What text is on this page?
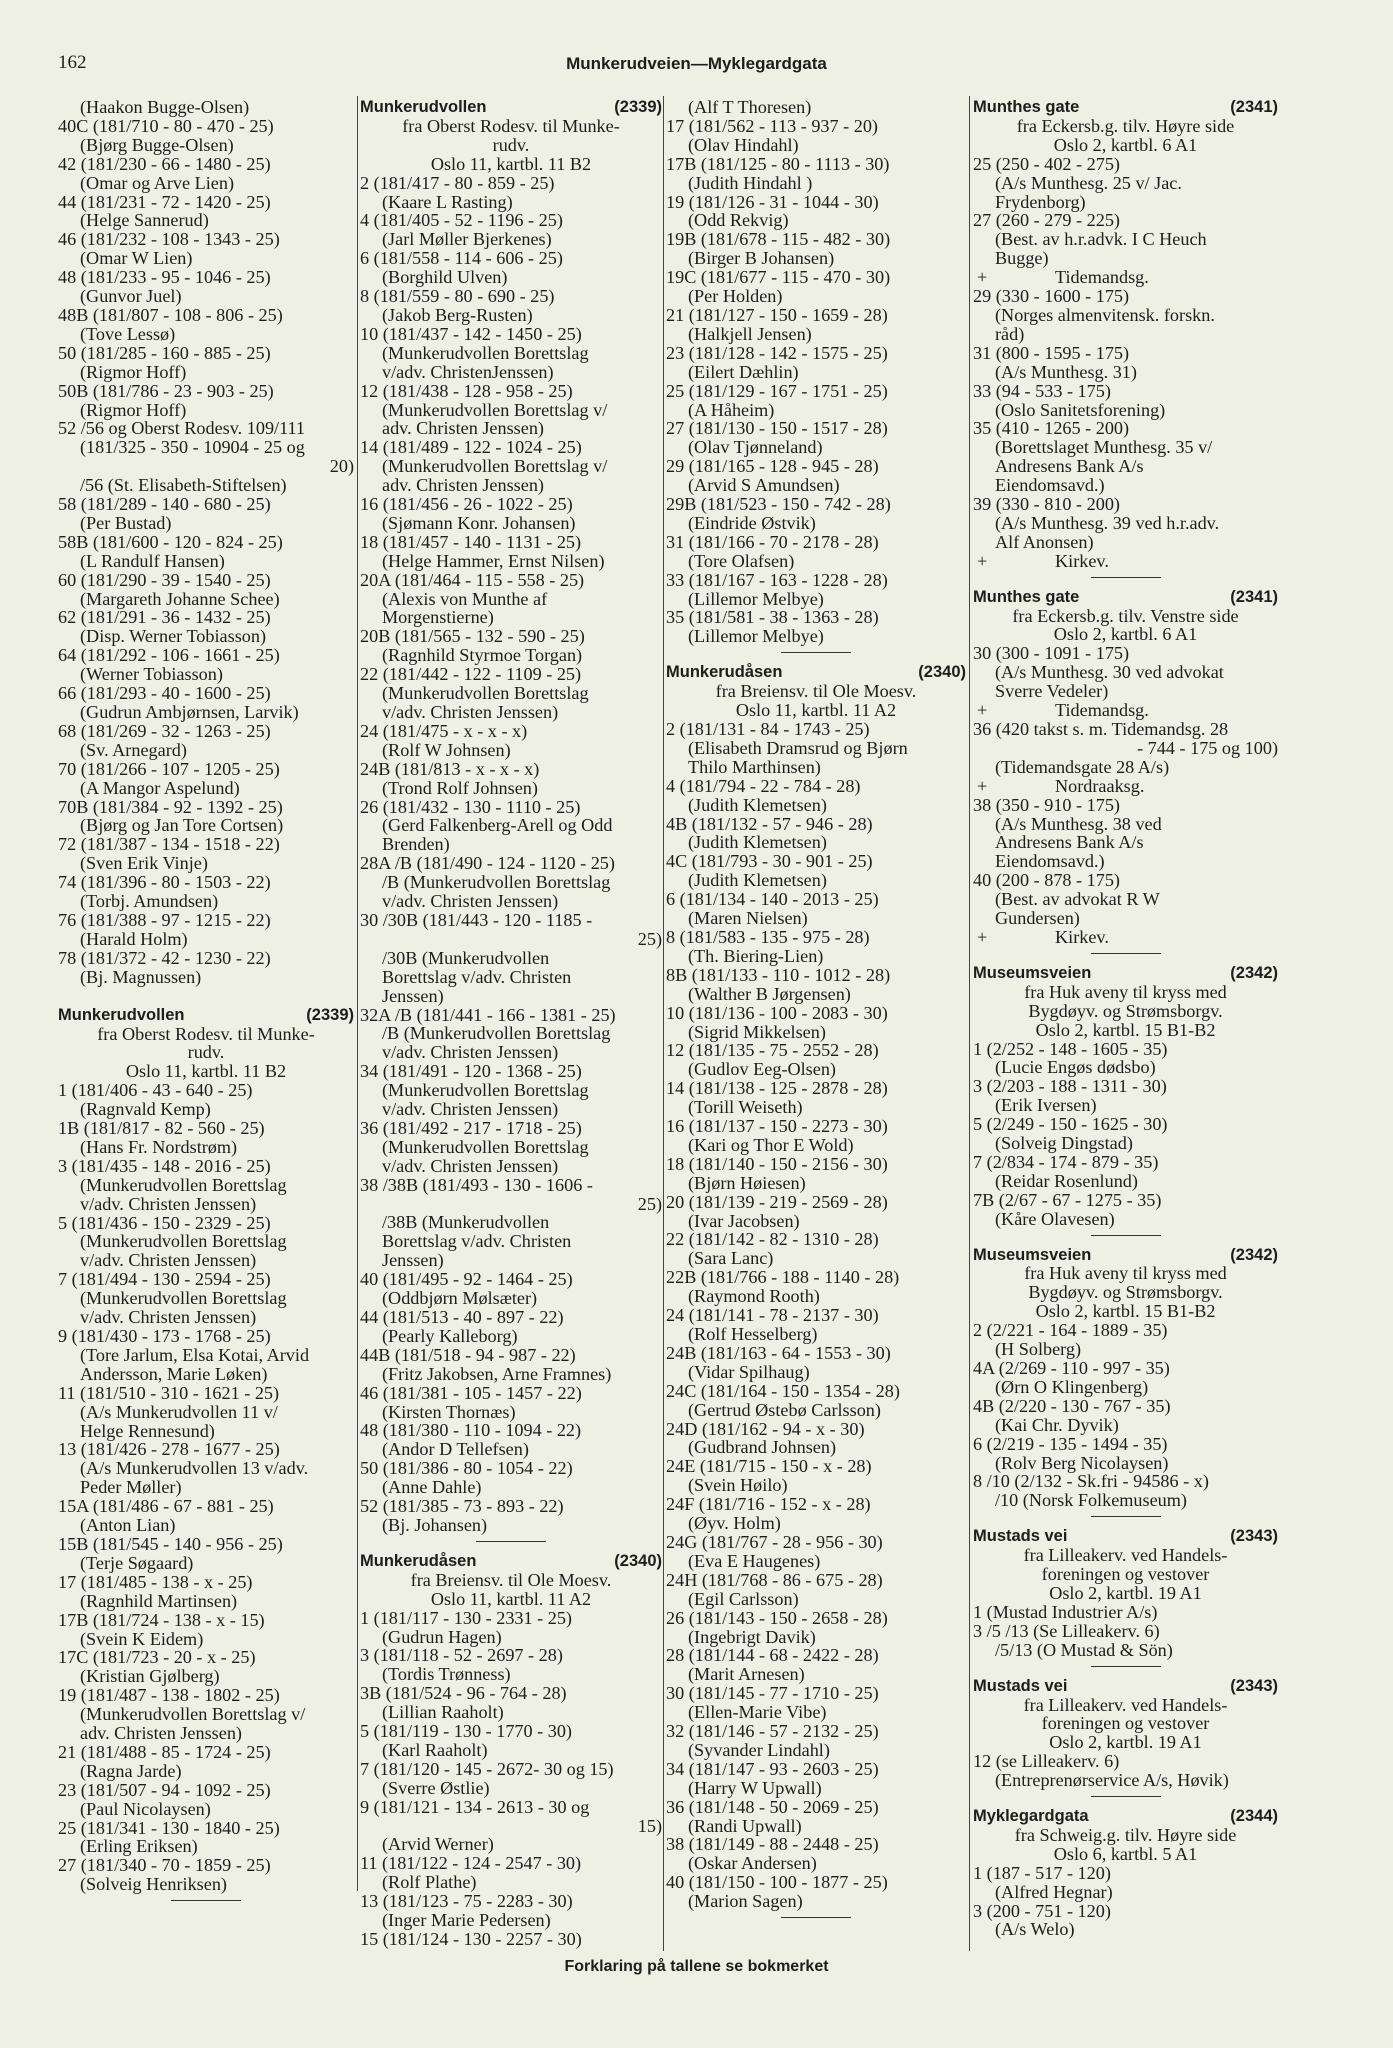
162	Munkerudveien—Myklegardgata
(Haakon Bugge-Olsen)
40C (181/710 - 80 - 470 - 25)
(Bjørg Bugge-Olsen)
42 (181/230 - 66 - 1480 - 25)
(Omar og Arve Lien)
44 (181/231 - 72 - 1420 - 25)
(Helge Sannerud)
46 (181/232 - 108 - 1343 - 25)
(Omar W Lien)
48 (181/233 - 95 - 1046 - 25)
(Gunvor Juel)
48B (181/807 - 108 - 806 - 25)
(Tove Lessø)
50 (181/285 - 160 - 885 - 25)
(Rigmor Hoff)
50B (181/786 - 23 - 903 - 25)
(Rigmor Hoff)
52 /56 og Oberst Rodesv. 109/111
(181/325 - 350 - 10904 - 25 og
20)
/56 (St. Elisabeth-Stiftelsen)
58 (181/289 - 140 - 680 - 25)
(Per Bustad)
58B (181/600 - 120 - 824 - 25)
(L Randulf Hansen)
60 (181/290 - 39 - 1540 - 25)
(Margareth Johanne Schee)
62 (181/291 - 36 - 1432 - 25)
(Disp. Werner Tobiasson)
64 (181/292 - 106 - 1661 - 25)
(Werner Tobiasson)
66 (181/293 - 40 - 1600 - 25)
(Gudrun Ambjørnsen, Larvik)
68 (181/269 - 32 - 1263 - 25)
(Sv. Arnegard)
70 (181/266 - 107 - 1205 - 25)
(A Mangor Aspelund)
70B (181/384 - 92 - 1392 - 25)
(Bjørg og Jan Tore Cortsen)
72 (181/387 - 134 - 1518 - 22)
(Sven Erik Vinje)
74 (181/396 - 80 - 1503 - 22)
(Torbj. Amundsen)
76 (181/388 - 97 - 1215 - 22)
(Harald Holm)
78 (181/372 - 42 - 1230 - 22)
(Bj. Magnussen)
Munkerudvollen	(2339)
fra Oberst Rodesv. til Munke-
rudv.
Oslo 11, kartbl. 11 B2
1 (181/406 - 43 - 640 - 25)
(Ragnvald Kemp)
1B (181/817 - 82 - 560 - 25)
(Hans Fr. Nordstrøm)
3 (181/435 - 148 - 2016 - 25)
(Munkerudvollen Borettslag
v/adv. Christen Jenssen)
5 (181/436 - 150 - 2329 - 25)
(Munkerudvollen Borettslag
v/adv. Christen Jenssen)
7 (181/494 - 130 - 2594 - 25)
(Munkerudvollen Borettslag
v/adv. Christen Jenssen)
9 (181/430 - 173 - 1768 - 25)
(Tore Jarlum, Elsa Kotai, Arvid
Andersson, Marie Løken)
11 (181/510 - 310 - 1621 - 25)
(A/s Munkerudvollen 11 v/
Helge Rennesund)
13 (181/426 - 278 - 1677 - 25)
(A/s Munkerudvollen 13 v/adv.
Peder Møller)
15A (181/486 - 67 - 881 - 25)
(Anton Lian)
15B (181/545 - 140 - 956 - 25)
(Terje Søgaard)
17 (181/485 - 138 - x - 25)
(Ragnhild Martinsen)
17B (181/724 - 138 - x - 15)
(Svein K Eidem)
17C (181/723 - 20 - x - 25)
(Kristian Gjølberg)
19 (181/487 - 138 - 1802 - 25)
(Munkerudvollen Borettslag v/
adv. Christen Jenssen)
21 (181/488 - 85 - 1724 - 25)
(Ragna Jarde)
23 (181/507 - 94 - 1092 - 25)
(Paul Nicolaysen)
25 (181/341 - 130 - 1840 - 25)
(Erling Eriksen)
27 (181/340 - 70 - 1859 - 25)
(Solveig Henriksen)
Munkerudvollen	(2339)
fra Oberst Rodesv. til Munke-
rudv.
Oslo 11, kartbl. 11 B2
2 (181/417 - 80 - 859 - 25)
(Kaare L Rasting)
4 (181/405 - 52 - 1196 - 25)
(Jarl Møller Bjerkenes)
6 (181/558 - 114 - 606 - 25)
(Borghild Ulven)
8 (181/559 - 80 - 690 - 25)
(Jakob Berg-Rusten)
10 (181/437 - 142 - 1450 - 25)
(Munkerudvollen Borettslag
v/adv. ChristenJenssen)
12 (181/438 - 128 - 958 - 25)
(Munkerudvollen Borettslag v/
adv. Christen Jenssen)
14 (181/489 - 122 - 1024 - 25)
(Munkerudvollen Borettslag v/
adv. Christen Jenssen)
16 (181/456 - 26 - 1022 - 25)
(Sjømann Konr. Johansen)
18 (181/457 - 140 - 1131 - 25)
(Helge Hammer, Ernst Nilsen)
20A (181/464 - 115 - 558 - 25)
(Alexis von Munthe af
Morgenstierne)
20B (181/565 - 132 - 590 - 25)
(Ragnhild Styrmoe Torgan)
22 (181/442 - 122 - 1109 - 25)
(Munkerudvollen Borettslag
v/adv. Christen Jenssen)
24 (181/475 - x - x - x)
(Rolf W Johnsen)
24B (181/813 - x - x - x)
(Trond Rolf Johnsen)
26 (181/432 - 130 - 1110 - 25)
(Gerd Falkenberg-Arell og Odd
Brenden)
28A /B (181/490 - 124 - 1120 - 25)
/B (Munkerudvollen Borettslag
v/adv. Christen Jenssen)
30 /30B (181/443 - 120 - 1185 -
25)
/30B (Munkerudvollen
Borettslag v/adv. Christen
Jenssen)
32A /B (181/441 - 166 - 1381 - 25)
/B (Munkerudvollen Borettslag
v/adv. Christen Jenssen)
34 (181/491 - 120 - 1368 - 25)
(Munkerudvollen Borettslag
v/adv. Christen Jenssen)
36 (181/492 - 217 - 1718 - 25)
(Munkerudvollen Borettslag
v/adv. Christen Jenssen)
38 /38B (181/493 - 130 - 1606 -
25)
/38B (Munkerudvollen
Borettslag v/adv. Christen
Jenssen)
40 (181/495 - 92 - 1464 - 25)
(Oddbjørn Mølsæter)
44 (181/513 - 40 - 897 - 22)
(Pearly Kalleborg)
44B (181/518 - 94 - 987 - 22)
(Fritz Jakobsen, Arne Framnes)
46 (181/381 - 105 - 1457 - 22)
(Kirsten Thornæs)
48 (181/380 - 110 - 1094 - 22)
(Andor D Tellefsen)
50 (181/386 - 80 - 1054 - 22)
(Anne Dahle)
52 (181/385 - 73 - 893 - 22)
(Bj. Johansen)
Munkerudåsen	(2340)
fra Breiensv. til Ole Moesv.
Oslo 11, kartbl. 11 A2
1 (181/117 - 130 - 2331 - 25)
(Gudrun Hagen)
3 (181/118 - 52 - 2697 - 28)
(Tordis Trønness)
3B (181/524 - 96 - 764 - 28)
(Lillian Raaholt)
5 (181/119 - 130 - 1770 - 30)
(Karl Raaholt)
7 (181/120 - 145 - 2672- 30 og 15)
(Sverre Østlie)
9 (181/121 - 134 - 2613 - 30 og
15)
(Arvid Werner)
11 (181/122 - 124 - 2547 - 30)
(Rolf Plathe)
13 (181/123 - 75 - 2283 - 30)
(Inger Marie Pedersen)
15 (181/124 - 130 - 2257 - 30)
(Alf T Thoresen)
17 (181/562 - 113 - 937 - 20)
(Olav Hindahl)
17B (181/125 - 80 - 1113 - 30)
(Judith Hindahl )
19 (181/126 - 31 - 1044 - 30)
(Odd Rekvig)
19B (181/678 - 115 - 482 - 30)
(Birger B Johansen)
19C (181/677 - 115 - 470 - 30)
(Per Holden)
21 (181/127 - 150 - 1659 - 28)
(Halkjell Jensen)
23 (181/128 - 142 - 1575 - 25)
(Eilert Dæhlin)
25 (181/129 - 167 - 1751 - 25)
(A Håheim)
27 (181/130 - 150 - 1517 - 28)
(Olav Tjønneland)
29 (181/165 - 128 - 945 - 28)
(Arvid S Amundsen)
29B (181/523 - 150 - 742 - 28)
(Eindride Østvik)
31 (181/166 - 70 - 2178 - 28)
(Tore Olafsen)
33 (181/167 - 163 - 1228 - 28)
(Lillemor Melbye)
35 (181/581 - 38 - 1363 - 28)
(Lillemor Melbye)
Munkerudåsen	(2340)
fra Breiensv. til Ole Moesv.
Oslo 11, kartbl. 11 A2
2 (181/131 - 84 - 1743 - 25)
(Elisabeth Dramsrud og Bjørn
Thilo Marthinsen)
4 (181/794 - 22 - 784 - 28)
(Judith Klemetsen)
4B (181/132 - 57 - 946 - 28)
(Judith Klemetsen)
4C (181/793 - 30 - 901 - 25)
(Judith Klemetsen)
6 (181/134 - 140 - 2013 - 25)
(Maren Nielsen)
8 (181/583 - 135 - 975 - 28)
(Th. Biering-Lien)
8B (181/133 - 110 - 1012 - 28)
(Walther B Jørgensen)
10 (181/136 - 100 - 2083 - 30)
(Sigrid Mikkelsen)
12 (181/135 - 75 - 2552 - 28)
(Gudlov Eeg-Olsen)
14 (181/138 - 125 - 2878 - 28)
(Torill Weiseth)
16 (181/137 - 150 - 2273 - 30)
(Kari og Thor E Wold)
18 (181/140 - 150 - 2156 - 30)
(Bjørn Høiesen)
20 (181/139 - 219 - 2569 - 28)
(Ivar Jacobsen)
22 (181/142 - 82 - 1310 - 28)
(Sara Lanc)
22B (181/766 - 188 - 1140 - 28)
(Raymond Rooth)
24 (181/141 - 78 - 2137 - 30)
(Rolf Hesselberg)
24B (181/163 - 64 - 1553 - 30)
(Vidar Spilhaug)
24C (181/164 - 150 - 1354 - 28)
(Gertrud Østebø Carlsson)
24D (181/162 - 94 - x - 30)
(Gudbrand Johnsen)
24E (181/715 - 150 - x - 28)
(Svein Høilo)
24F (181/716 - 152 - x - 28)
(Øyv. Holm)
24G (181/767 - 28 - 956 - 30)
(Eva E Haugenes)
24H (181/768 - 86 - 675 - 28)
(Egil Carlsson)
26 (181/143 - 150 - 2658 - 28)
(Ingebrigt Davik)
28 (181/144 - 68 - 2422 - 28)
(Marit Arnesen)
30 (181/145 - 77 - 1710 - 25)
(Ellen-Marie Vibe)
32 (181/146 - 57 - 2132 - 25)
(Syvander Lindahl)
34 (181/147 - 93 - 2603 - 25)
(Harry W Upwall)
36 (181/148 - 50 - 2069 - 25)
(Randi Upwall)
38 (181/149 - 88 - 2448 - 25)
(Oskar Andersen)
40 (181/150 - 100 - 1877 - 25)
(Marion Sagen)
Munthes gate	(2341)
fra Eckersb.g. tilv. Høyre side
Oslo 2, kartbl. 6 A1
25 (250 - 402 - 275)
(A/s Munthesg. 25 v/ Jac.
Frydenborg)
27 (260 - 279 - 225)
(Best. av h.r.advk. I C Heuch
Bugge)
+	Tidemandsg.
29 (330 - 1600 - 175)
(Norges almenvitensk. forskn.
råd)
31 (800 - 1595 - 175)
(A/s Munthesg. 31)
33 (94 - 533 - 175)
(Oslo Sanitetsforening)
35 (410 - 1265 - 200)
(Borettslaget Munthesg. 35 v/
Andresens Bank A/s
Eiendomsavd.)
39 (330 - 810 - 200)
(A/s Munthesg. 39 ved h.r.adv.
Alf Anonsen)
+	Kirkev.
Munthes gate	(2341)
fra Eckersb.g. tilv. Venstre side
Oslo 2, kartbl. 6 A1
30 (300 - 1091 - 175)
(A/s Munthesg. 30 ved advokat
Sverre Vedeler)
+	Tidemandsg.
36 (420 takst s. m. Tidemandsg. 28
- 744 - 175 og 100)
(Tidemandsgate 28 A/s)
+	Nordraaksg.
38 (350 - 910 - 175)
(A/s Munthesg. 38 ved
Andresens Bank A/s
Eiendomsavd.)
40 (200 - 878 - 175)
(Best. av advokat R W
Gundersen)
+	Kirkev.
Museumsveien	(2342)
fra Huk aveny til kryss med
Bygdøyv. og Strømsborgv.
Oslo 2, kartbl. 15 B1-B2
1 (2/252 - 148 - 1605 - 35)
(Lucie Engøs dødsbo)
3 (2/203 - 188 - 1311 - 30)
(Erik Iversen)
5 (2/249 - 150 - 1625 - 30)
(Solveig Dingstad)
7 (2/834 - 174 - 879 - 35)
(Reidar Rosenlund)
7B (2/67 - 67 - 1275 - 35)
(Kåre Olavesen)
Museumsveien	(2342)
fra Huk aveny til kryss med
Bygdøyv. og Strømsborgv.
Oslo 2, kartbl. 15 B1-B2
2 (2/221 - 164 - 1889 - 35)
(H Solberg)
4A (2/269 - 110 - 997 - 35)
(Ørn O Klingenberg)
4B (2/220 - 130 - 767 - 35)
(Kai Chr. Dyvik)
6 (2/219 - 135 - 1494 - 35)
(Rolv Berg Nicolaysen)
8 /10 (2/132 - Sk.fri - 94586 - x)
/10 (Norsk Folkemuseum)
Mustads vei	(2343)
fra Lilleakerv. ved Handels-
foreningen og vestover
Oslo 2, kartbl. 19 A1
1 (Mustad Industrier A/s)
3 /5 /13 (Se Lilleakerv. 6)
/5/13 (O Mustad & Sön)
Mustads vei	(2343)
fra Lilleakerv. ved Handels-
foreningen og vestover
Oslo 2, kartbl. 19 A1
12 (se Lilleakerv. 6)
(Entreprenørservice A/s, Høvik)
Myklegardgata	(2344)
fra Schweig.g. tilv. Høyre side
Oslo 6, kartbl. 5 A1
1 (187 - 517 - 120)
(Alfred Hegnar)
3 (200 - 751 - 120)
(A/s Welo)
Forklaring på tallene se bokmerket
